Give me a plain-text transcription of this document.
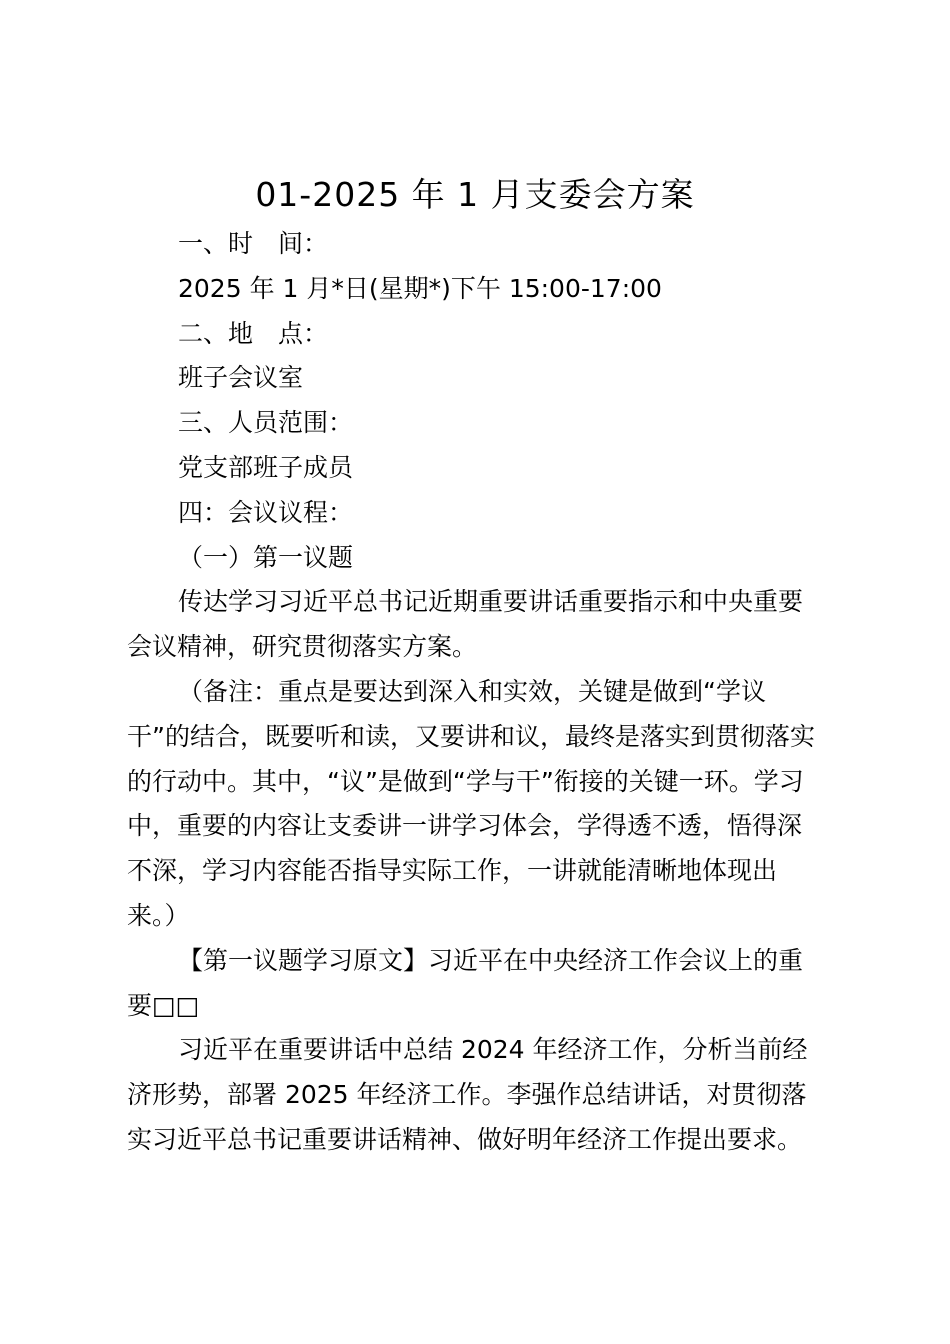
01-2025 年 1 月支委会方案
一、时　间：
2025 年 1 月*日(星期*)下午 15:00-17:00
二、地　点：
班子会议室
三、人员范围：
党支部班子成员
四：会议议程：
（一）第一议题
传达学习习近平总书记近期重要讲话重要指示和中央重要
会议精神，研究贯彻落实方案。
（备注：重点是要达到深入和实效，关键是做到“学议
干”的结合，既要听和读，又要讲和议，最终是落实到贯彻落实
的行动中。其中，“议”是做到“学与干”衔接的关键一环。学习
中，重要的内容让支委讲一讲学习体会，学得透不透，悟得深
不深，学习内容能否指导实际工作，一讲就能清晰地体现出
来。）
【第一议题学习原文】习近平在中央经济工作会议上的重
要□□
习近平在重要讲话中总结 2024 年经济工作，分析当前经
济形势，部署 2025 年经济工作。李强作总结讲话，对贯彻落
实习近平总书记重要讲话精神、做好明年经济工作提出要求。
